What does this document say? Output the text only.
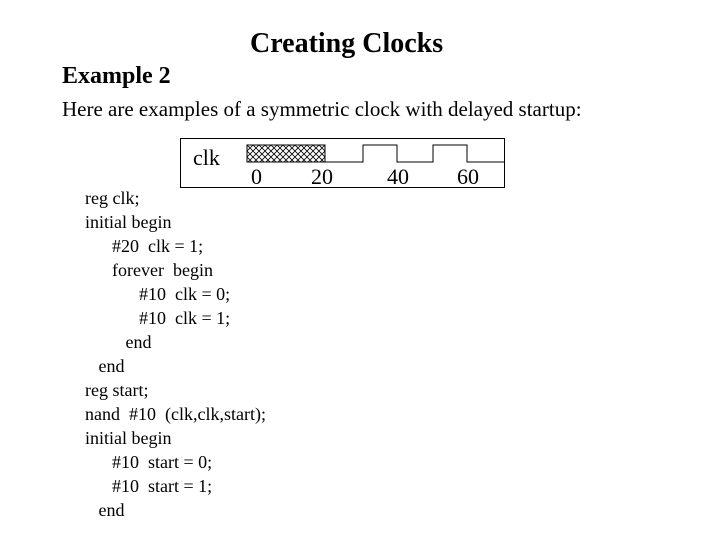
Creating Clocks
Example 2
Here are examples of a symmetric clock with delayed startup:
clk
0 20 40 60
reg clk;
initial begin
#20  clk = 1;
forever  begin
#10  clk = 0;
#10  clk = 1;
end
end
reg start;
nand  #10  (clk,clk,start);
initial begin
#10  start = 0;
#10  start = 1;
end
